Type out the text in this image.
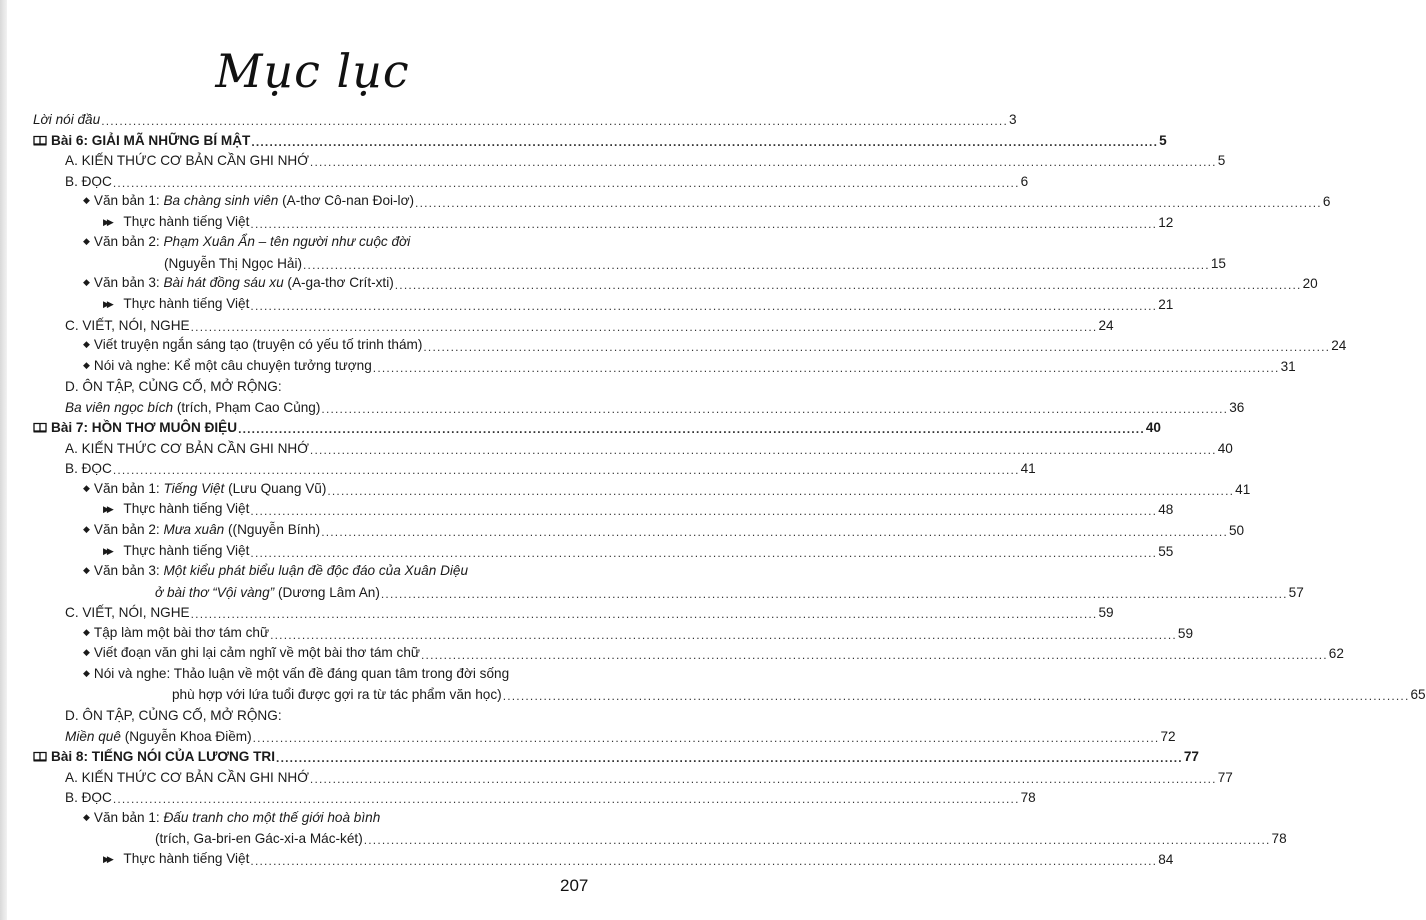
Mục lục
Lời nói đầu ........................................................................................................................................................................................................ 3
Bài 6: GIẢI MÃ NHỮNG BÍ MẬT ........................................................................................................................................................................................................ 5
A. KIẾN THỨC CƠ BẢN CẦN GHI NHỚ ........................................................................................................................................................................................................ 5
B. ĐỌC ........................................................................................................................................................................................................ 6
◆ Văn bản 1: Ba chàng sinh viên (A-thơ Cô-nan Đoi-lơ) ........................................................................................................................................................................................................ 6
▶▶ Thực hành tiếng Việt ........................................................................................................................................................................................................ 12
◆ Văn bản 2: Phạm Xuân Ẩn – tên người như cuộc đời
(Nguyễn Thị Ngọc Hải) ........................................................................................................................................................................................................ 15
◆ Văn bản 3: Bài hát đồng sáu xu (A-ga-thơ Crít-xti) ........................................................................................................................................................................................................ 20
▶▶ Thực hành tiếng Việt ........................................................................................................................................................................................................ 21
C. VIẾT, NÓI, NGHE ........................................................................................................................................................................................................ 24
◆ Viết truyện ngắn sáng tạo (truyện có yếu tố trinh thám) ........................................................................................................................................................................................................ 24
◆ Nói và nghe: Kể một câu chuyện tưởng tượng ........................................................................................................................................................................................................ 31
D. ÔN TẬP, CỦNG CỐ, MỞ RỘNG:
Ba viên ngọc bích (trích, Phạm Cao Củng) ........................................................................................................................................................................................................ 36
Bài 7: HỒN THƠ MUÔN ĐIỆU ........................................................................................................................................................................................................ 40
A. KIẾN THỨC CƠ BẢN CẦN GHI NHỚ ........................................................................................................................................................................................................ 40
B. ĐỌC ........................................................................................................................................................................................................ 41
◆ Văn bản 1: Tiếng Việt (Lưu Quang Vũ) ........................................................................................................................................................................................................ 41
▶▶ Thực hành tiếng Việt ........................................................................................................................................................................................................ 48
◆ Văn bản 2: Mưa xuân ((Nguyễn Bính) ........................................................................................................................................................................................................ 50
▶▶ Thực hành tiếng Việt ........................................................................................................................................................................................................ 55
◆ Văn bản 3: Một kiểu phát biểu luận đề độc đáo của Xuân Diệu
ở bài thơ “Vội vàng” (Dương Lâm An) ........................................................................................................................................................................................................ 57
C. VIẾT, NÓI, NGHE ........................................................................................................................................................................................................ 59
◆ Tập làm một bài thơ tám chữ ........................................................................................................................................................................................................ 59
◆ Viết đoạn văn ghi lại cảm nghĩ về một bài thơ tám chữ ........................................................................................................................................................................................................ 62
◆ Nói và nghe: Thảo luận về một vấn đề đáng quan tâm trong đời sống
phù hợp với lứa tuổi được gợi ra từ tác phẩm văn học) ........................................................................................................................................................................................................ 65
D. ÔN TẬP, CỦNG CỐ, MỞ RỘNG:
Miền quê (Nguyễn Khoa Điềm) ........................................................................................................................................................................................................ 72
Bài 8: TIẾNG NÓI CỦA LƯƠNG TRI ........................................................................................................................................................................................................ 77
A. KIẾN THỨC CƠ BẢN CẦN GHI NHỚ ........................................................................................................................................................................................................ 77
B. ĐỌC ........................................................................................................................................................................................................ 78
◆ Văn bản 1: Đấu tranh cho một thế giới hoà bình
(trích, Ga-bri-en Gác-xi-a Mác-két) ........................................................................................................................................................................................................ 78
▶▶ Thực hành tiếng Việt ........................................................................................................................................................................................................ 84
207
